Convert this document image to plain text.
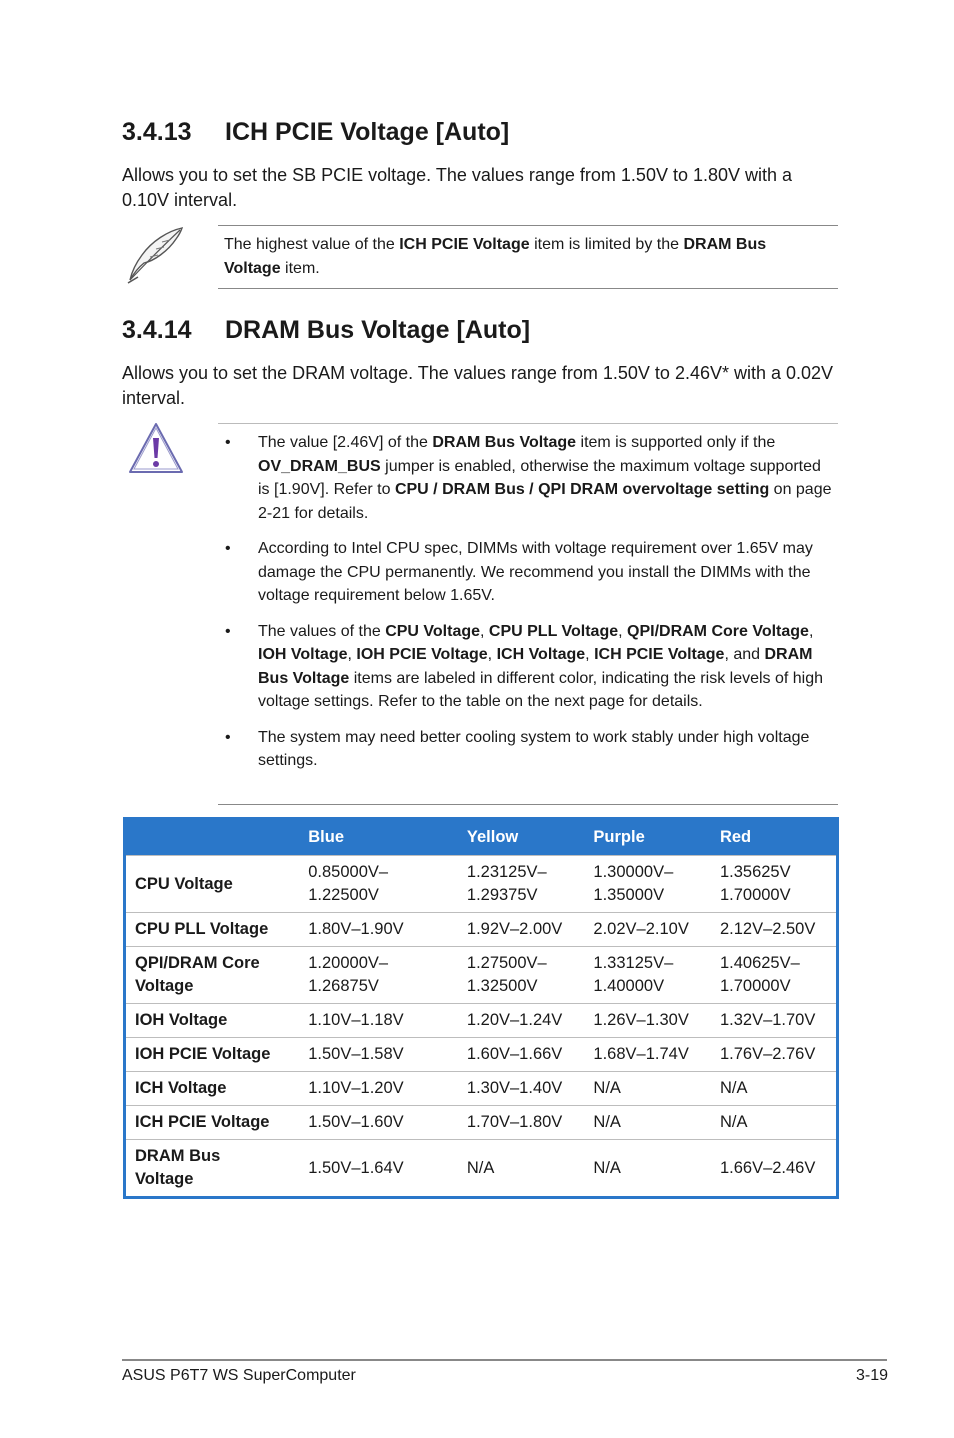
3.4.13 ICH PCIE Voltage [Auto]

Allows you to set the SB PCIE voltage. The values range from 1.50V to 1.80V with a 0.10V interval.

The highest value of the ICH PCIE Voltage item is limited by the DRAM Bus Voltage item.

3.4.14 DRAM Bus Voltage [Auto]

Allows you to set the DRAM voltage. The values range from 1.50V to 2.46V* with a 0.02V interval.

• The value [2.46V] of the DRAM Bus Voltage item is supported only if the OV_DRAM_BUS jumper is enabled, otherwise the maximum voltage supported is [1.90V]. Refer to CPU / DRAM Bus / QPI DRAM overvoltage setting on page 2-21 for details.
• According to Intel CPU spec, DIMMs with voltage requirement over 1.65V may damage the CPU permanently. We recommend you install the DIMMs with the voltage requirement below 1.65V.
• The values of the CPU Voltage, CPU PLL Voltage, QPI/DRAM Core Voltage, IOH Voltage, IOH PCIE Voltage, ICH Voltage, ICH PCIE Voltage, and DRAM Bus Voltage items are labeled in different color, indicating the risk levels of high voltage settings. Refer to the table on the next page for details.
• The system may need better cooling system to work stably under high voltage settings.
	Blue	Yellow	Purple	Red
CPU Voltage	0.85000V–
1.22500V	1.23125V–
1.29375V	1.30000V–
1.35000V	1.35625V
1.70000V
CPU PLL Voltage	1.80V–1.90V	1.92V–2.00V	2.02V–2.10V	2.12V–2.50V
QPI/DRAM Core Voltage	1.20000V–
1.26875V	1.27500V–
1.32500V	1.33125V–
1.40000V	1.40625V–
1.70000V
IOH Voltage	1.10V–1.18V	1.20V–1.24V	1.26V–1.30V	1.32V–1.70V
IOH PCIE Voltage	1.50V–1.58V	1.60V–1.66V	1.68V–1.74V	1.76V–2.76V
ICH Voltage	1.10V–1.20V	1.30V–1.40V	N/A	N/A
ICH PCIE Voltage	1.50V–1.60V	1.70V–1.80V	N/A	N/A
DRAM Bus Voltage	1.50V–1.64V	N/A	N/A	1.66V–2.46V
ASUS P6T7 WS SuperComputer	3-19
